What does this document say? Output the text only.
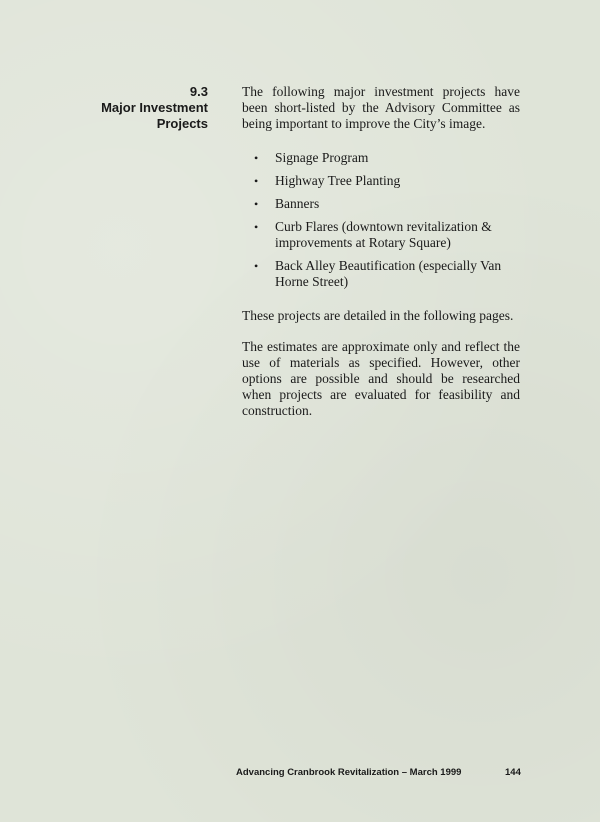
9.3
Major Investment
Projects

The following major investment projects have been short-listed by the Advisory Committee as being important to improve the City’s image.

• Signage Program
• Highway Tree Planting
• Banners
• Curb Flares (downtown revitalization & improvements at Rotary Square)
• Back Alley Beautification (especially Van Horne Street)

These projects are detailed in the following pages.

The estimates are approximate only and reflect the use of materials as specified. However, other options are possible and should be researched when projects are evaluated for feasibility and construction.

Advancing Cranbrook Revitalization – March 1999	144
